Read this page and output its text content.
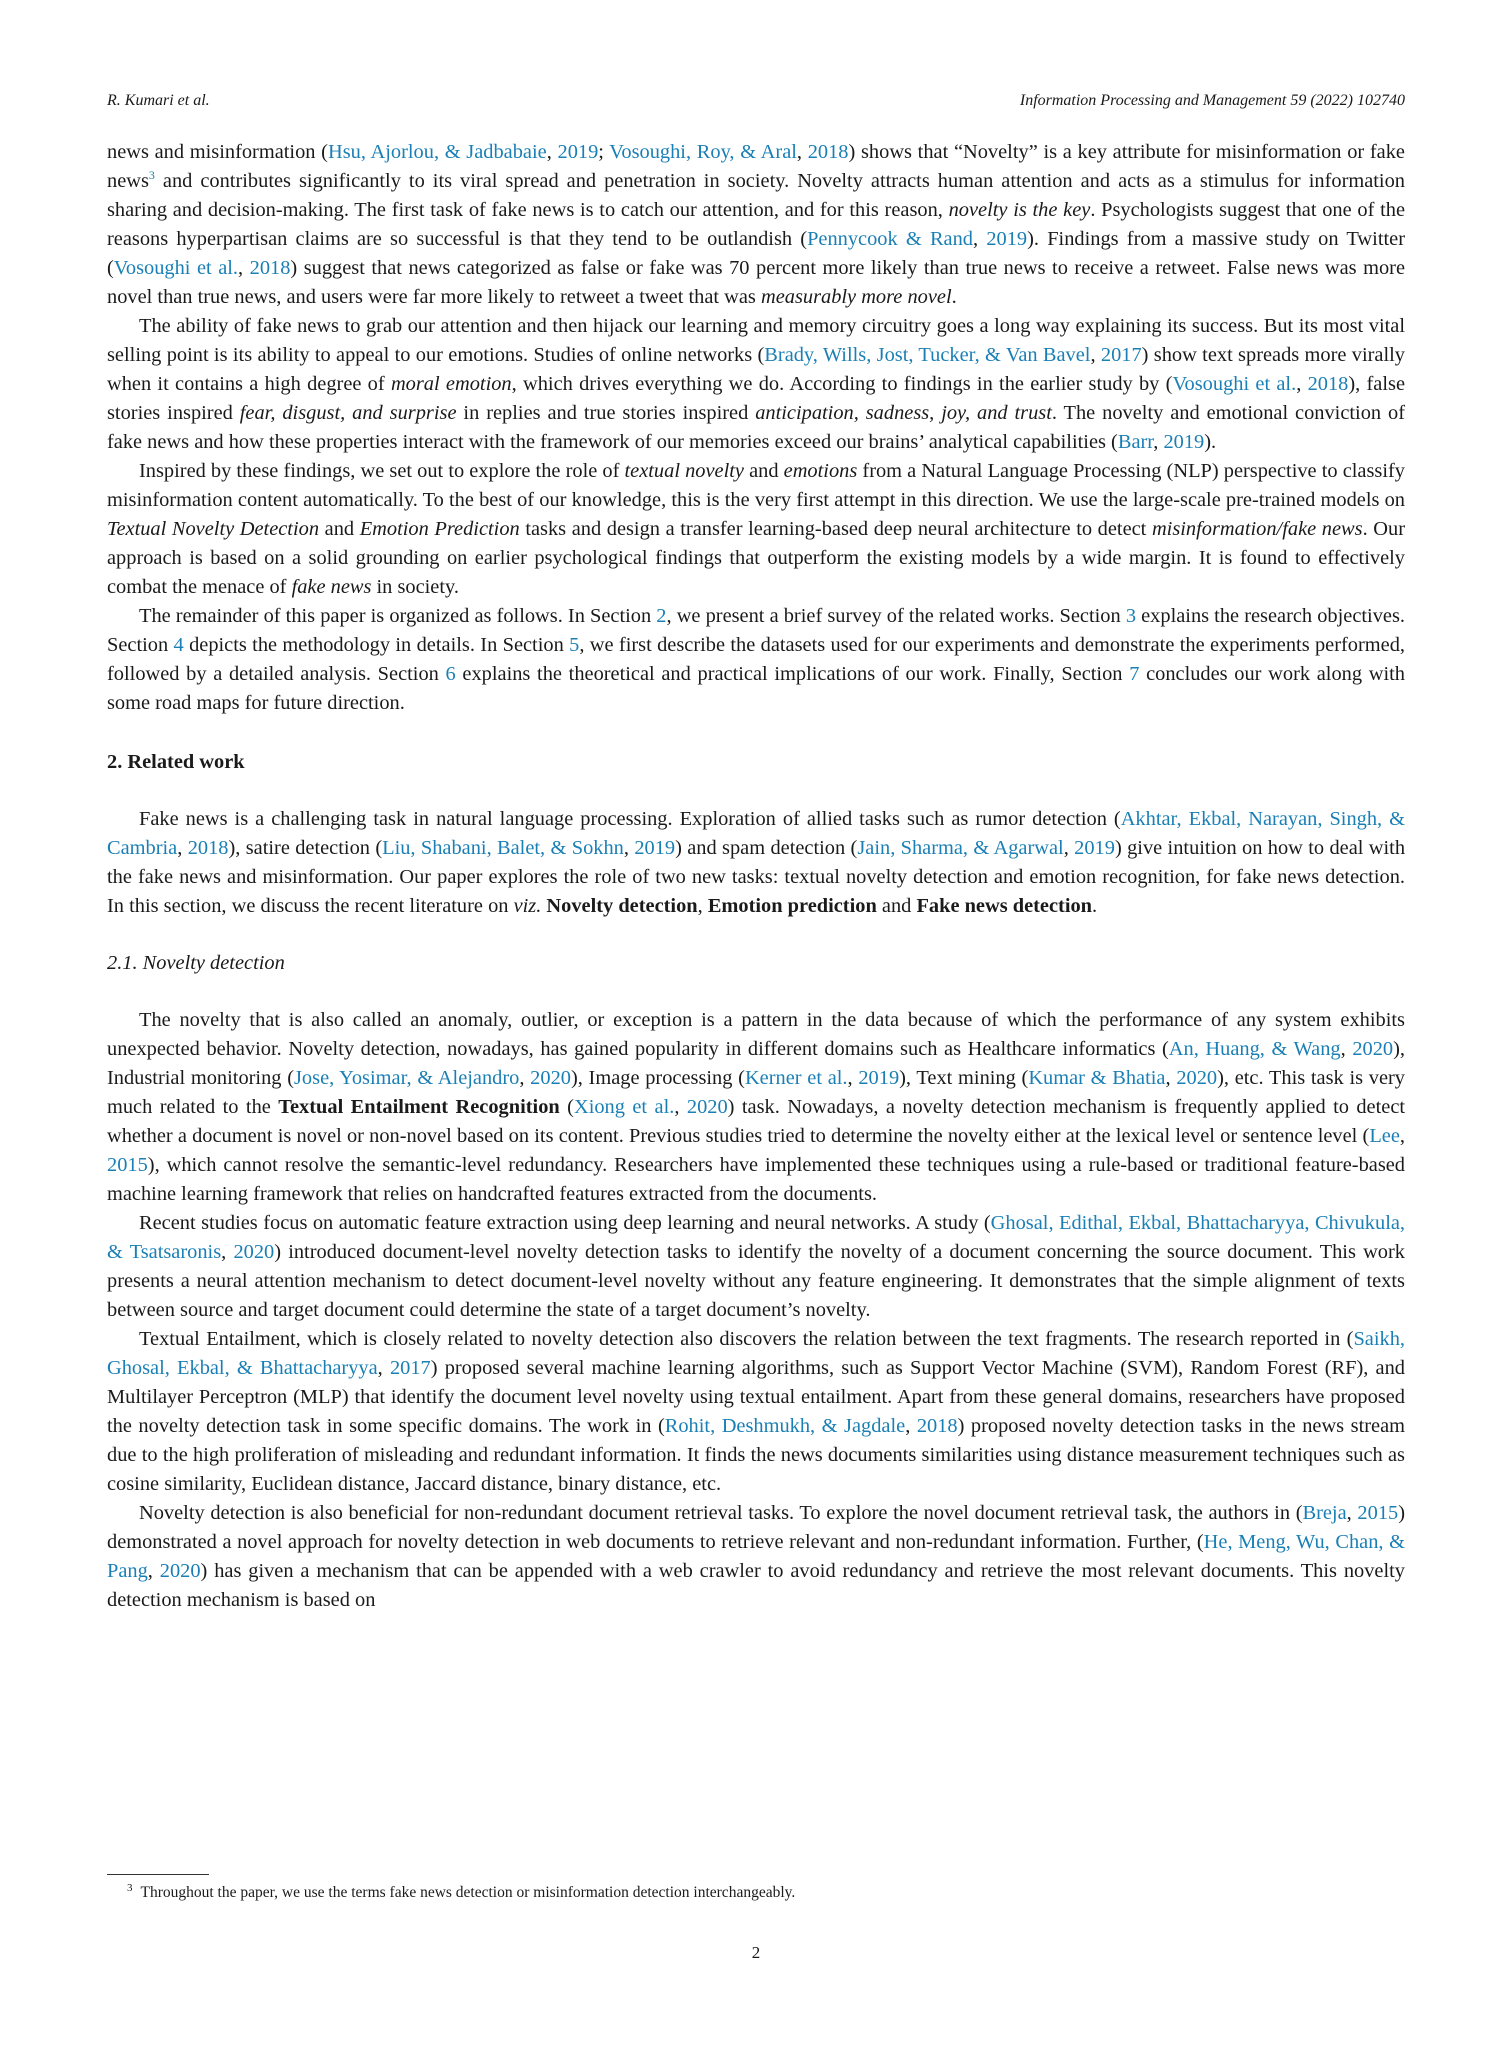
R. Kumari et al.	Information Processing and Management 59 (2022) 102740

news and misinformation (Hsu, Ajorlou, & Jadbabaie, 2019; Vosoughi, Roy, & Aral, 2018) shows that “Novelty” is a key attribute for misinformation or fake news$^3$ and contributes significantly to its viral spread and penetration in society. Novelty attracts human attention and acts as a stimulus for information sharing and decision-making. The first task of fake news is to catch our attention, and for this reason, novelty is the key. Psychologists suggest that one of the reasons hyperpartisan claims are so successful is that they tend to be outlandish (Pennycook & Rand, 2019). Findings from a massive study on Twitter (Vosoughi et al., 2018) suggest that news categorized as false or fake was 70 percent more likely than true news to receive a retweet. False news was more novel than true news, and users were far more likely to retweet a tweet that was measurably more novel.

The ability of fake news to grab our attention and then hijack our learning and memory circuitry goes a long way explaining its success. But its most vital selling point is its ability to appeal to our emotions. Studies of online networks (Brady, Wills, Jost, Tucker, & Van Bavel, 2017) show text spreads more virally when it contains a high degree of moral emotion, which drives everything we do. According to findings in the earlier study by (Vosoughi et al., 2018), false stories inspired fear, disgust, and surprise in replies and true stories inspired anticipation, sadness, joy, and trust. The novelty and emotional conviction of fake news and how these properties interact with the framework of our memories exceed our brains’ analytical capabilities (Barr, 2019).

Inspired by these findings, we set out to explore the role of textual novelty and emotions from a Natural Language Processing (NLP) perspective to classify misinformation content automatically. To the best of our knowledge, this is the very first attempt in this direction. We use the large-scale pre-trained models on Textual Novelty Detection and Emotion Prediction tasks and design a transfer learning-based deep neural architecture to detect misinformation/fake news. Our approach is based on a solid grounding on earlier psychological findings that outperform the existing models by a wide margin. It is found to effectively combat the menace of fake news in society.

The remainder of this paper is organized as follows. In Section 2, we present a brief survey of the related works. Section 3 explains the research objectives. Section 4 depicts the methodology in details. In Section 5, we first describe the datasets used for our experiments and demonstrate the experiments performed, followed by a detailed analysis. Section 6 explains the theoretical and practical implications of our work. Finally, Section 7 concludes our work along with some road maps for future direction.

2. Related work

Fake news is a challenging task in natural language processing. Exploration of allied tasks such as rumor detection (Akhtar, Ekbal, Narayan, Singh, & Cambria, 2018), satire detection (Liu, Shabani, Balet, & Sokhn, 2019) and spam detection (Jain, Sharma, & Agarwal, 2019) give intuition on how to deal with the fake news and misinformation. Our paper explores the role of two new tasks: textual novelty detection and emotion recognition, for fake news detection. In this section, we discuss the recent literature on viz. Novelty detection, Emotion prediction and Fake news detection.

2.1. Novelty detection

The novelty that is also called an anomaly, outlier, or exception is a pattern in the data because of which the performance of any system exhibits unexpected behavior. Novelty detection, nowadays, has gained popularity in different domains such as Healthcare informatics (An, Huang, & Wang, 2020), Industrial monitoring (Jose, Yosimar, & Alejandro, 2020), Image processing (Kerner et al., 2019), Text mining (Kumar & Bhatia, 2020), etc. This task is very much related to the Textual Entailment Recognition (Xiong et al., 2020) task. Nowadays, a novelty detection mechanism is frequently applied to detect whether a document is novel or non-novel based on its content. Previous studies tried to determine the novelty either at the lexical level or sentence level (Lee, 2015), which cannot resolve the semantic-level redundancy. Researchers have implemented these techniques using a rule-based or traditional feature-based machine learning framework that relies on handcrafted features extracted from the documents.

Recent studies focus on automatic feature extraction using deep learning and neural networks. A study (Ghosal, Edithal, Ekbal, Bhattacharyya, Chivukula, & Tsatsaronis, 2020) introduced document-level novelty detection tasks to identify the novelty of a document concerning the source document. This work presents a neural attention mechanism to detect document-level novelty without any feature engineering. It demonstrates that the simple alignment of texts between source and target document could determine the state of a target document’s novelty.

Textual Entailment, which is closely related to novelty detection also discovers the relation between the text fragments. The research reported in (Saikh, Ghosal, Ekbal, & Bhattacharyya, 2017) proposed several machine learning algorithms, such as Support Vector Machine (SVM), Random Forest (RF), and Multilayer Perceptron (MLP) that identify the document level novelty using textual entailment. Apart from these general domains, researchers have proposed the novelty detection task in some specific domains. The work in (Rohit, Deshmukh, & Jagdale, 2018) proposed novelty detection tasks in the news stream due to the high proliferation of misleading and redundant information. It finds the news documents similarities using distance measurement techniques such as cosine similarity, Euclidean distance, Jaccard distance, binary distance, etc.

Novelty detection is also beneficial for non-redundant document retrieval tasks. To explore the novel document retrieval task, the authors in (Breja, 2015) demonstrated a novel approach for novelty detection in web documents to retrieve relevant and non-redundant information. Further, (He, Meng, Wu, Chan, & Pang, 2020) has given a mechanism that can be appended with a web crawler to avoid redundancy and retrieve the most relevant documents. This novelty detection mechanism is based on

$^3$ Throughout the paper, we use the terms fake news detection or misinformation detection interchangeably.
2
